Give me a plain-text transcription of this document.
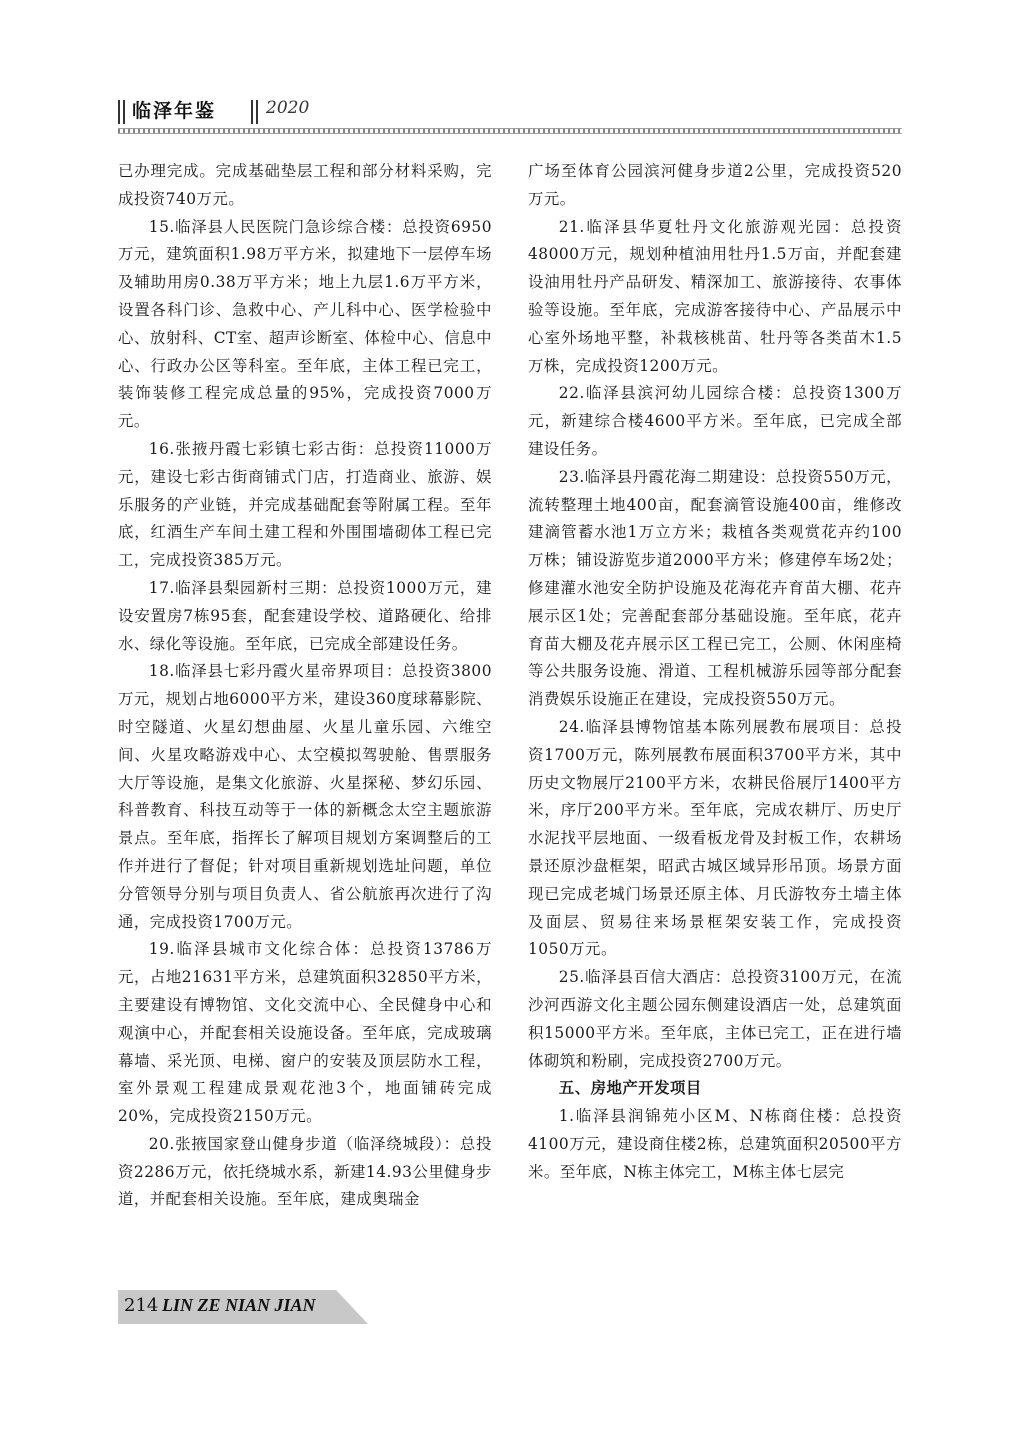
临泽年鉴	2020

已办理完成。完成基础垫层工程和部分材料采购，完成投资740万元。

15.临泽县人民医院门急诊综合楼：总投资6950万元，建筑面积1.98万平方米，拟建地下一层停车场及辅助用房0.38万平方米；地上九层1.6万平方米，设置各科门诊、急救中心、产儿科中心、医学检验中心、放射科、CT室、超声诊断室、体检中心、信息中心、行政办公区等科室。至年底，主体工程已完工，装饰装修工程完成总量的95%，完成投资7000万元。

16.张掖丹霞七彩镇七彩古街：总投资11000万元，建设七彩古街商铺式门店，打造商业、旅游、娱乐服务的产业链，并完成基础配套等附属工程。至年底，红酒生产车间土建工程和外围围墙砌体工程已完工，完成投资385万元。

17.临泽县梨园新村三期：总投资1000万元，建设安置房7栋95套，配套建设学校、道路硬化、给排水、绿化等设施。至年底，已完成全部建设任务。

18.临泽县七彩丹霞火星帝界项目：总投资3800万元，规划占地6000平方米，建设360度球幕影院、时空隧道、火星幻想曲屋、火星儿童乐园、六维空间、火星攻略游戏中心、太空模拟驾驶舱、售票服务大厅等设施，是集文化旅游、火星探秘、梦幻乐园、科普教育、科技互动等于一体的新概念太空主题旅游景点。至年底，指挥长了解项目规划方案调整后的工作并进行了督促；针对项目重新规划选址问题，单位分管领导分别与项目负责人、省公航旅再次进行了沟通，完成投资1700万元。

19.临泽县城市文化综合体：总投资13786万元，占地21631平方米，总建筑面积32850平方米，主要建设有博物馆、文化交流中心、全民健身中心和观演中心，并配套相关设施设备。至年底，完成玻璃幕墙、采光顶、电梯、窗户的安装及顶层防水工程，室外景观工程建成景观花池3个，地面铺砖完成20%，完成投资2150万元。

20.张掖国家登山健身步道（临泽绕城段）：总投资2286万元，依托绕城水系，新建14.93公里健身步道，并配套相关设施。至年底，建成奥瑞金

广场至体育公园滨河健身步道2公里，完成投资520万元。

21.临泽县华夏牡丹文化旅游观光园：总投资48000万元，规划种植油用牡丹1.5万亩，并配套建设油用牡丹产品研发、精深加工、旅游接待、农事体验等设施。至年底，完成游客接待中心、产品展示中心室外场地平整，补栽核桃苗、牡丹等各类苗木1.5万株，完成投资1200万元。

22.临泽县滨河幼儿园综合楼：总投资1300万元，新建综合楼4600平方米。至年底，已完成全部建设任务。

23.临泽县丹霞花海二期建设：总投资550万元，流转整理土地400亩，配套滴管设施400亩，维修改建滴管蓄水池1万立方米；栽植各类观赏花卉约100万株；铺设游览步道2000平方米；修建停车场2处；修建灌水池安全防护设施及花海花卉育苗大棚、花卉展示区1处；完善配套部分基础设施。至年底，花卉育苗大棚及花卉展示区工程已完工，公厕、休闲座椅等公共服务设施、滑道、工程机械游乐园等部分配套消费娱乐设施正在建设，完成投资550万元。

24.临泽县博物馆基本陈列展教布展项目：总投资1700万元，陈列展教布展面积3700平方米，其中历史文物展厅2100平方米，农耕民俗展厅1400平方米，序厅200平方米。至年底，完成农耕厅、历史厅水泥找平层地面、一级看板龙骨及封板工作，农耕场景还原沙盘框架，昭武古城区域异形吊顶。场景方面现已完成老城门场景还原主体、月氏游牧夯土墙主体及面层、贸易往来场景框架安装工作，完成投资1050万元。

25.临泽县百信大酒店：总投资3100万元，在流沙河西游文化主题公园东侧建设酒店一处，总建筑面积15000平方米。至年底，主体已完工，正在进行墙体砌筑和粉刷，完成投资2700万元。

五、房地产开发项目

1.临泽县润锦苑小区M、N栋商住楼：总投资4100万元，建设商住楼2栋，总建筑面积20500平方米。至年底，N栋主体完工，M栋主体七层完

214 LIN ZE NIAN JIAN
